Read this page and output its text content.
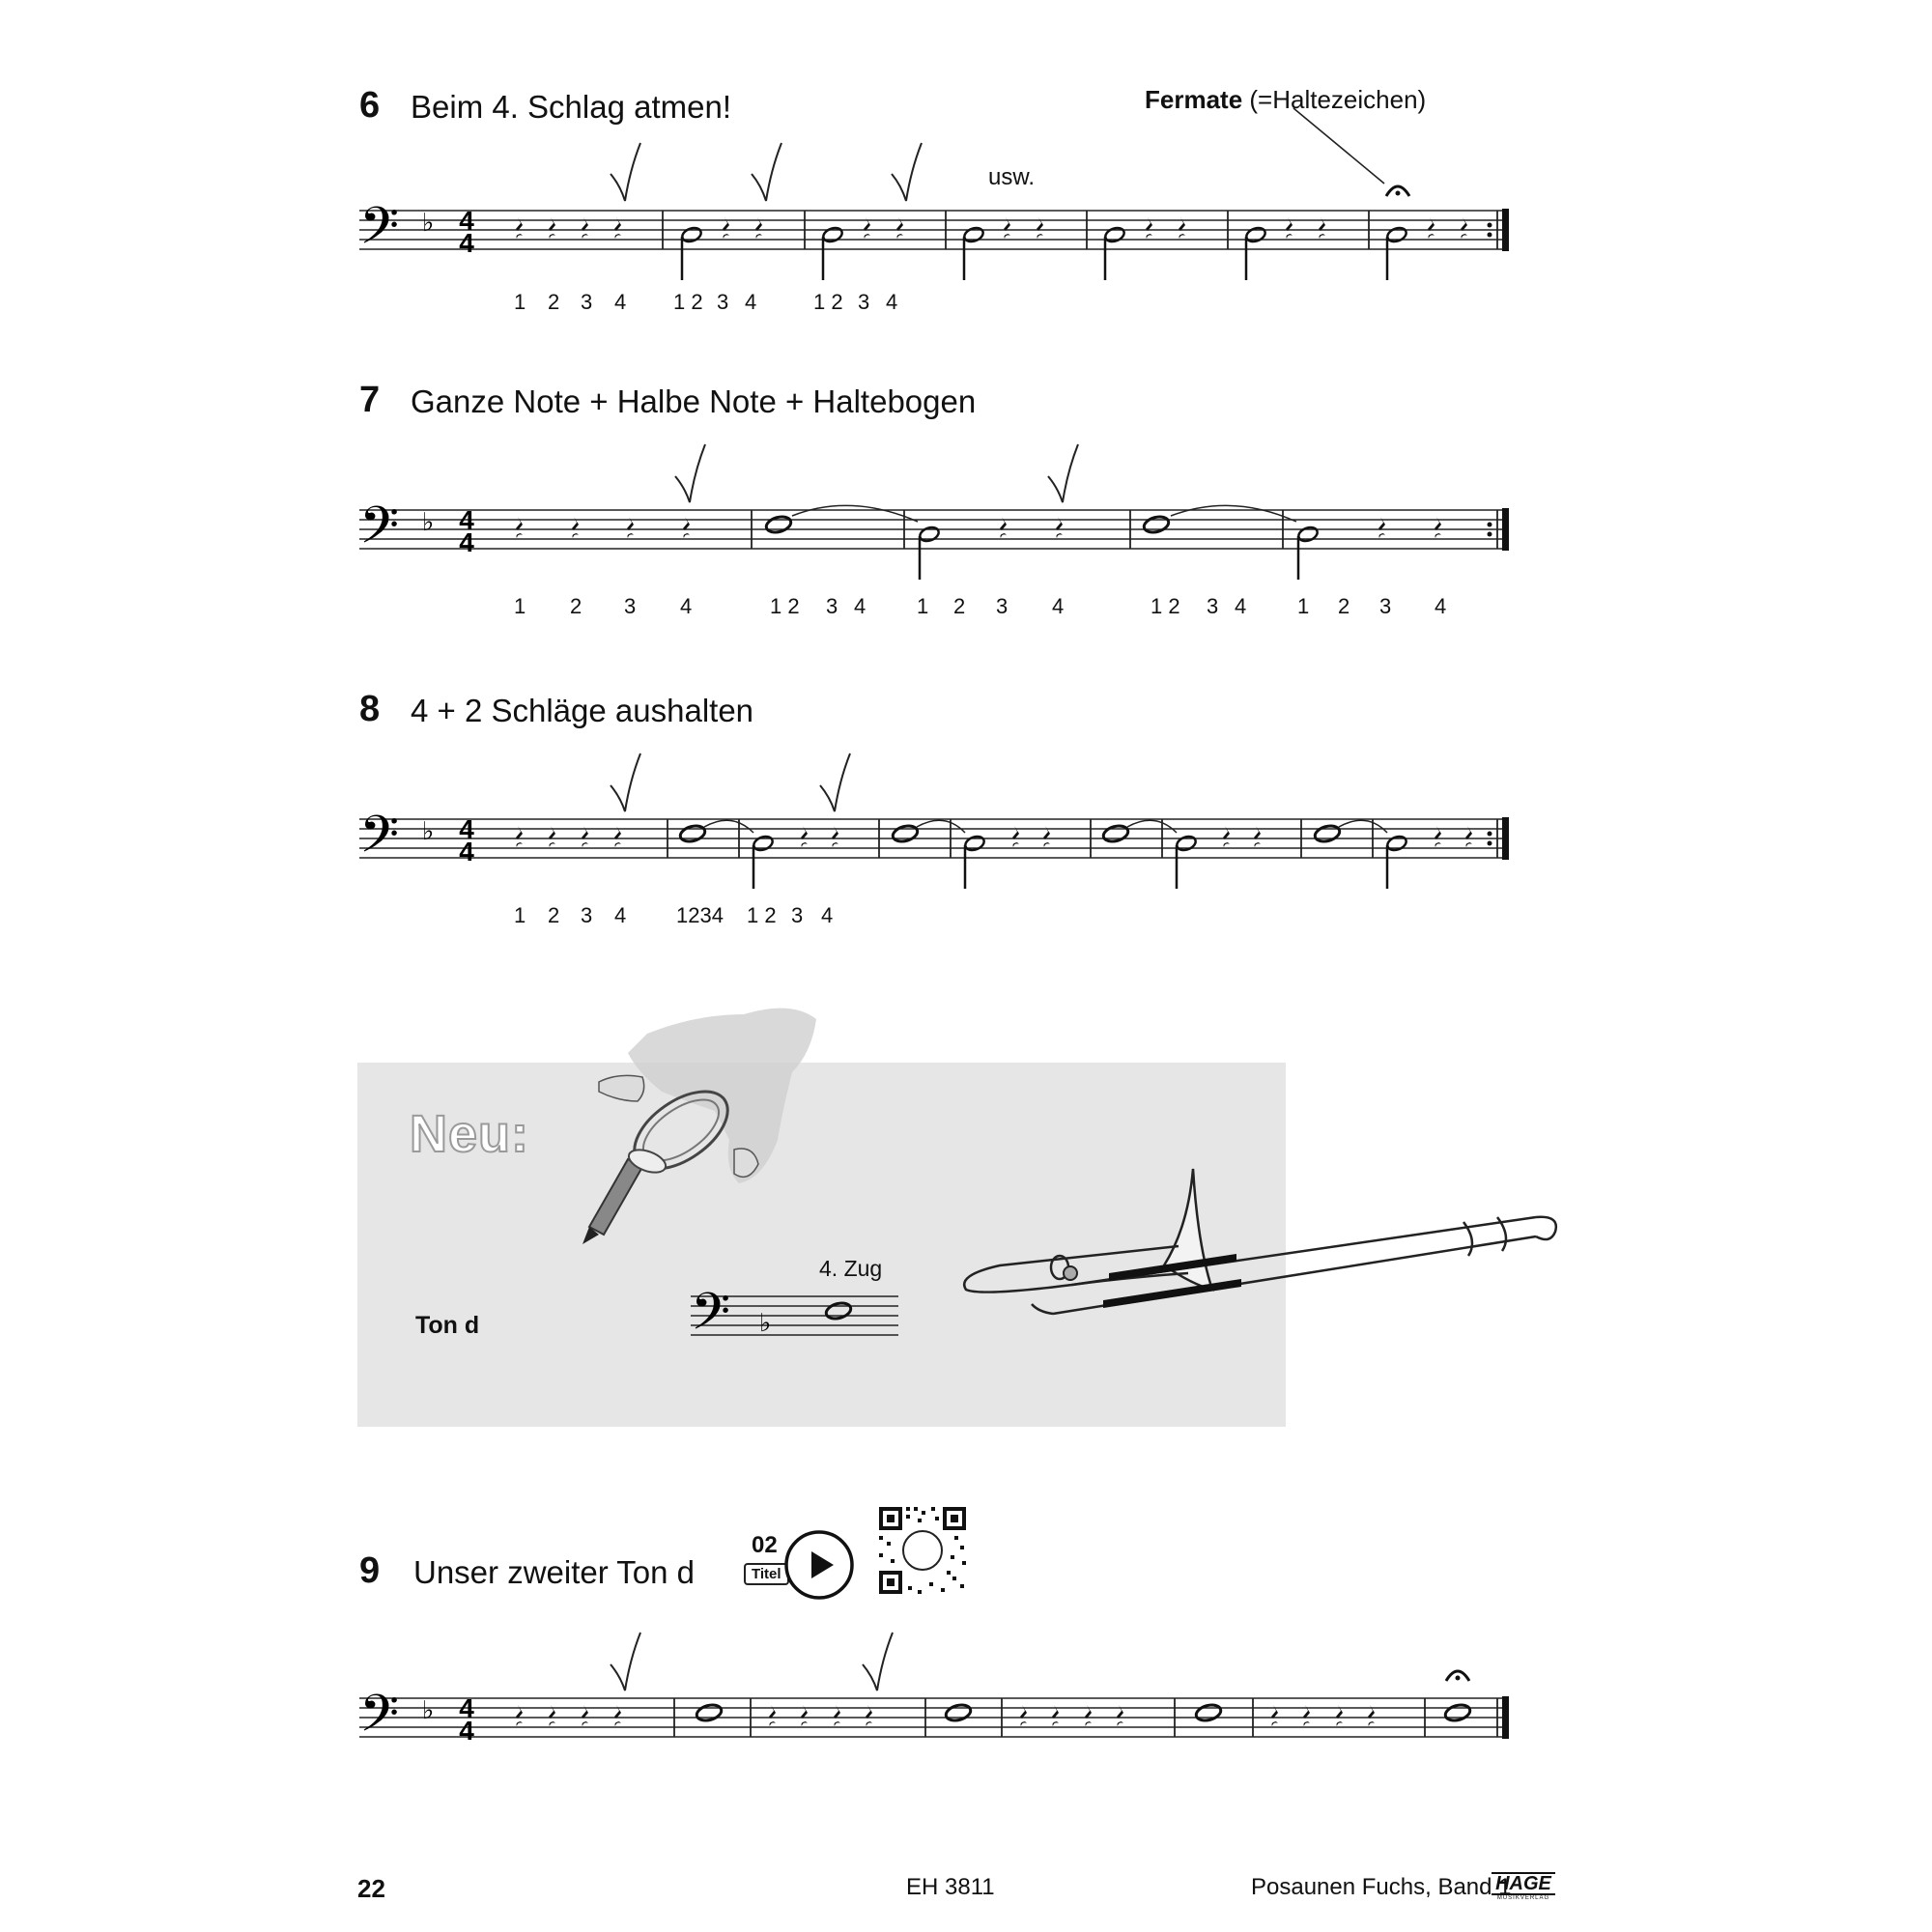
6 Beim 4. Schlag atmen!	Fermate (=Haltezeichen)
usw.
𝄢 ♭ 4
4
1 2 3 4 1 2 3 4	1 2 3 4
7 Ganze Note + Halbe Note + Haltebogen
𝄢 ♭ 4
4
1 2 3 4	1 2 3 4 1 2 3 4	1 2 3 4 1 2 3 4
8 4 + 2 Schläge aushalten
𝄢 ♭ 4
4
1 2 3 4 1234 1 2 3 4
Neu:
4. Zug
Ton d	𝄢 ♭
9 Unser zweiter Ton d
02
Titel
𝄢 ♭ 4
4
22	EH 3811	Posaunen Fuchs, Band 1
HAGE
MUSIKVERLAG
